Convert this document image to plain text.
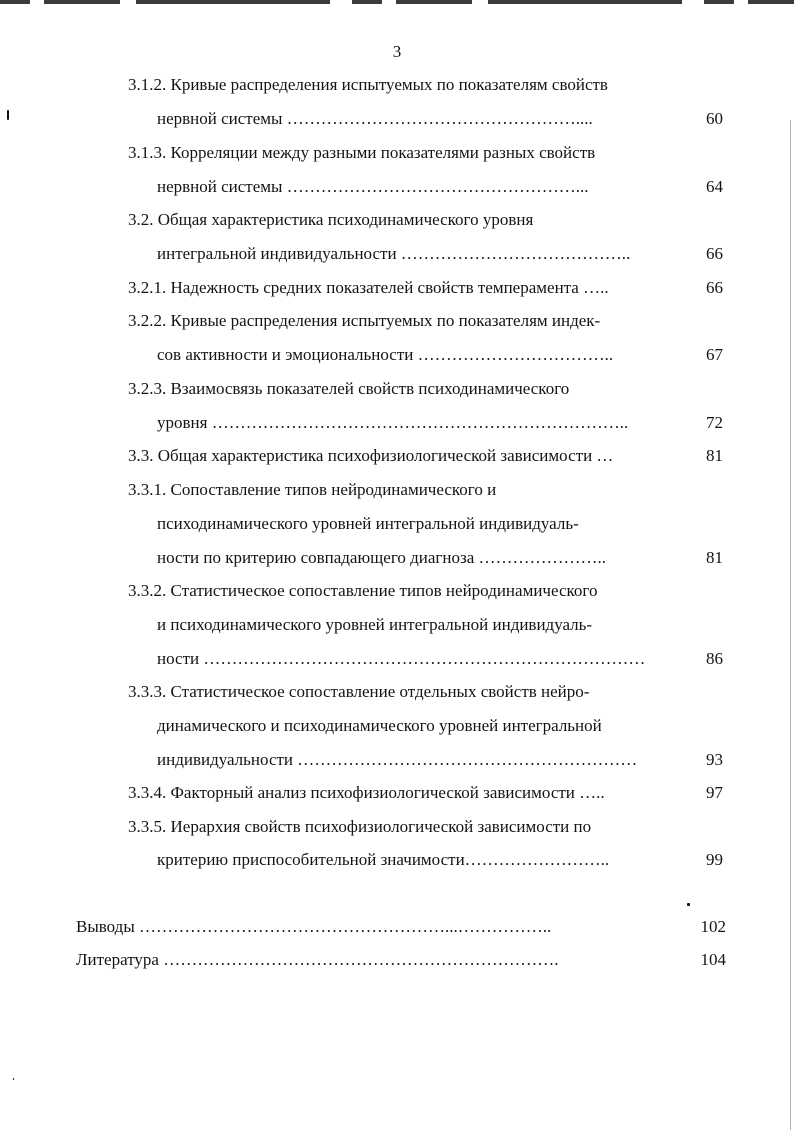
3
3.1.2. Кривые распределения испытуемых по показателям свойств
нервной системы ……………………………………………....	60
3.1.3. Корреляции между разными показателями разных свойств
нервной системы ……………………………………………...	64
3.2. Общая характеристика психодинамического уровня
интегральной индивидуальности …………………………………..	66
3.2.1. Надежность средних показателей свойств темперамента …..	66
3.2.2. Кривые распределения испытуемых по показателям индек-
сов активности и эмоциональности ……………………………..	67
3.2.3. Взаимосвязь показателей свойств психодинамического
уровня ………………………………………………………………..	72
3.3. Общая характеристика психофизиологической зависимости …	81
3.3.1. Сопоставление типов нейродинамического и
психодинамического уровней интегральной индивидуаль-
ности по критерию совпадающего диагноза …………………..	81
3.3.2. Статистическое сопоставление типов нейродинамического
и психодинамического уровней интегральной индивидуаль-
ности ……………………………………………………………………	86
3.3.3. Статистическое сопоставление отдельных свойств нейро-
динамического и психодинамического уровней интегральной
индивидуальности ……………………………………………………	93
3.3.4. Факторный анализ психофизиологической зависимости …..	97
3.3.5. Иерархия свойств психофизиологической зависимости по
критерию приспособительной значимости……………………..	99
Выводы ………………………………………………...……………..	102
Литература …………………………………………………………….	104
